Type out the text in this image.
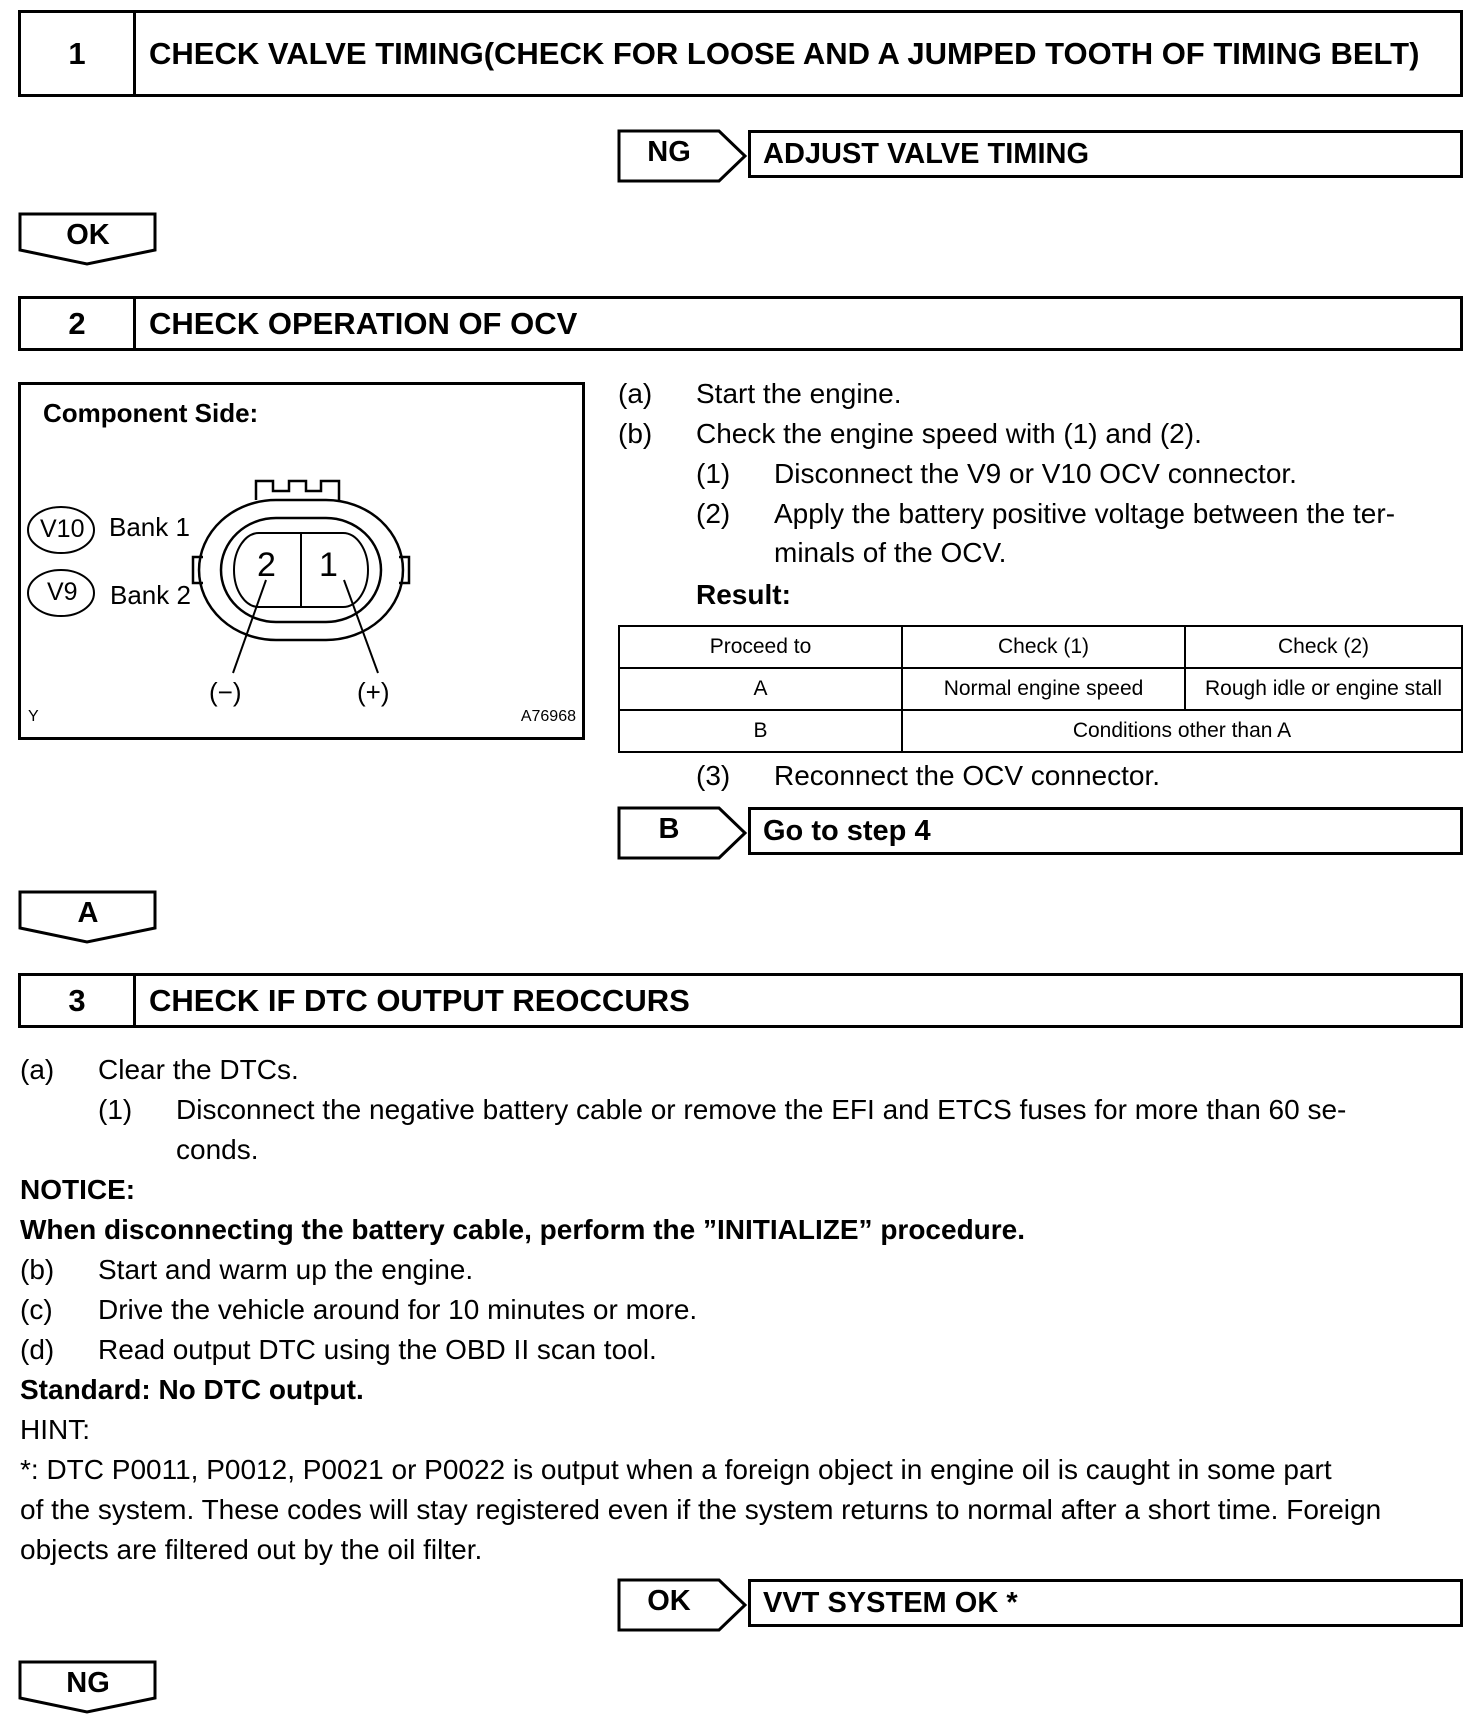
1	CHECK VALVE TIMING(CHECK FOR LOOSE AND A JUMPED TOOTH OF TIMING BELT)
NG	ADJUST VALVE TIMING
OK
2	CHECK OPERATION OF OCV
Component Side:
V10 Bank 1
V9 Bank 2
2 1
(−)	(+)
Y	A76968
(a) Start the engine.
(b) Check the engine speed with (1) and (2).
(1) Disconnect the V9 or V10 OCV connector.
(2) Apply the battery positive voltage between the ter-
minals of the OCV.
Result:
Proceed to	Check (1)	Check (2)
A	Normal engine speed	Rough idle or engine stall
B	Conditions other than A	
(3) Reconnect the OCV connector.
B	Go to step 4
A
3	CHECK IF DTC OUTPUT REOCCURS
(a) Clear the DTCs.
(1) Disconnect the negative battery cable or remove the EFI and ETCS fuses for more than 60 se-
conds.
NOTICE:
When disconnecting the battery cable, perform the ”INITIALIZE” procedure.
(b) Start and warm up the engine.
(c) Drive the vehicle around for 10 minutes or more.
(d) Read output DTC using the OBD II scan tool.
Standard: No DTC output.
HINT:
*: DTC P0011, P0012, P0021 or P0022 is output when a foreign object in engine oil is caught in some part
of the system. These codes will stay registered even if the system returns to normal after a short time. Foreign
objects are filtered out by the oil filter.
OK	VVT SYSTEM OK *
NG
